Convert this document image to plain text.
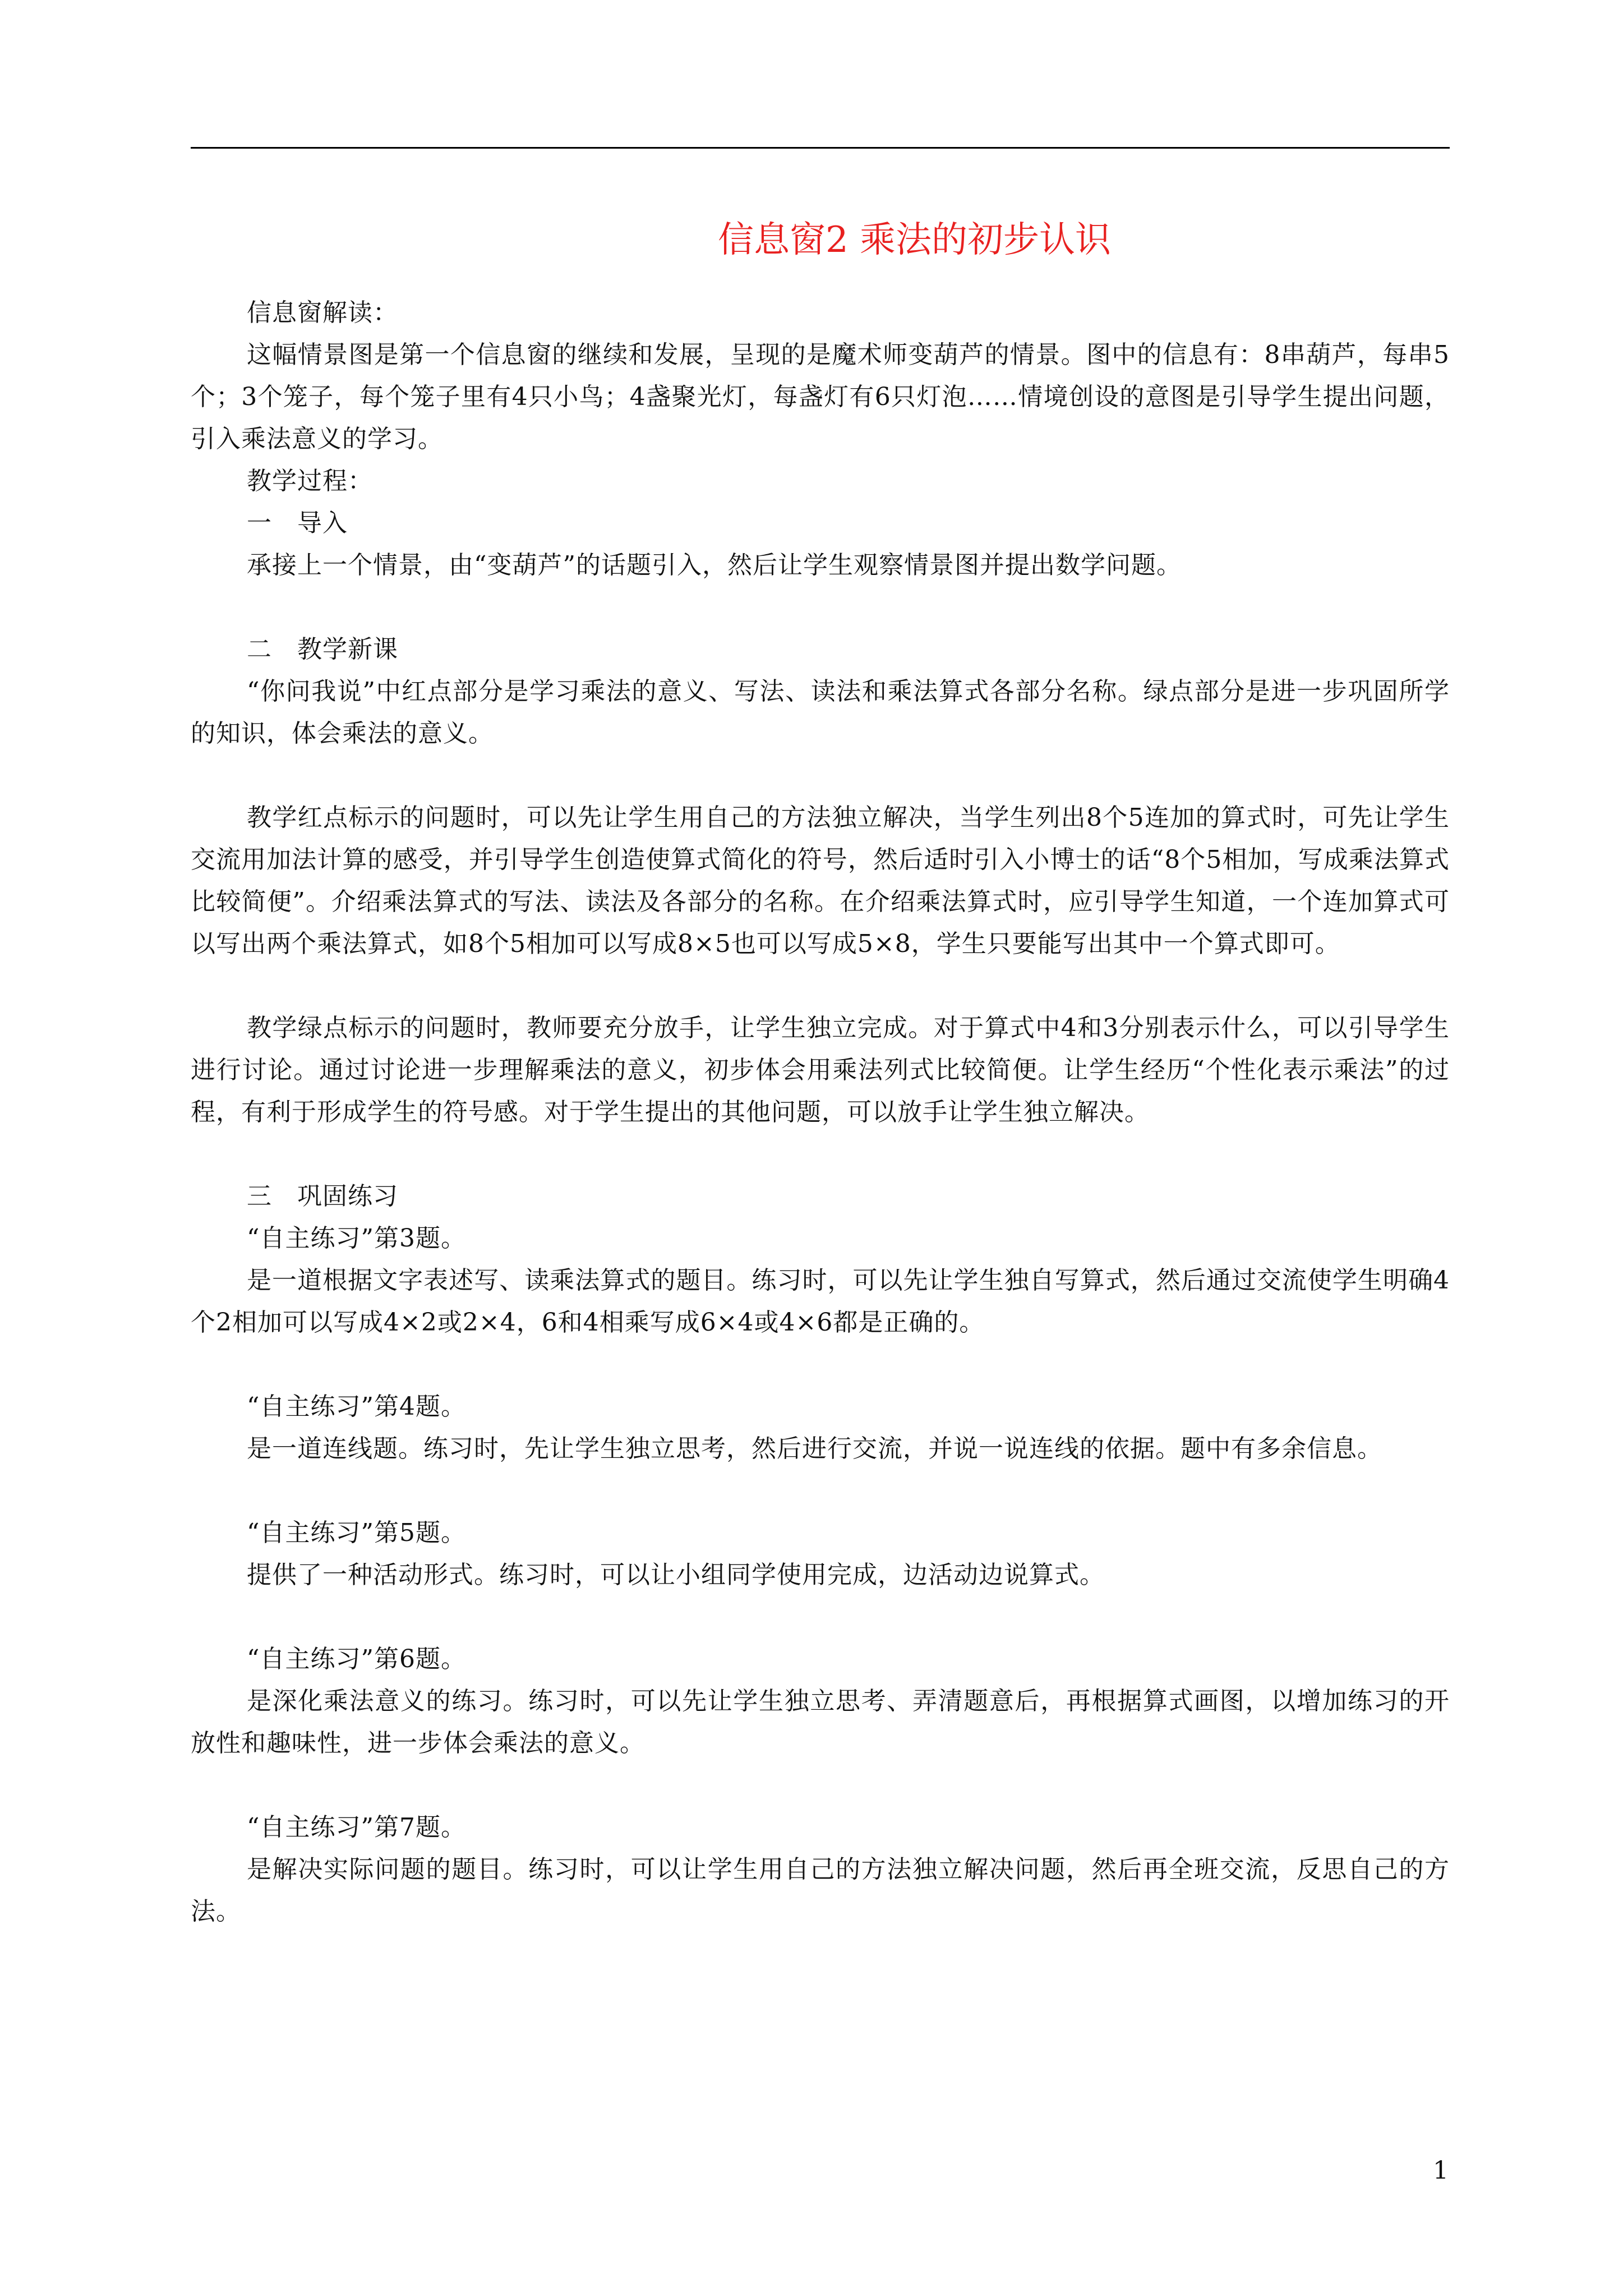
信息窗2 乘法的初步认识

信息窗解读：

这幅情景图是第一个信息窗的继续和发展，呈现的是魔术师变葫芦的情景。图中的信息有：8串葫芦，每串5个；3个笼子，每个笼子里有4只小鸟；4盏聚光灯，每盏灯有6只灯泡……情境创设的意图是引导学生提出问题，引入乘法意义的学习。

教学过程：

一　导入

承接上一个情景，由“变葫芦”的话题引入，然后让学生观察情景图并提出数学问题。

二　教学新课

“你问我说”中红点部分是学习乘法的意义、写法、读法和乘法算式各部分名称。绿点部分是进一步巩固所学的知识，体会乘法的意义。

教学红点标示的问题时，可以先让学生用自己的方法独立解决，当学生列出8个5连加的算式时，可先让学生交流用加法计算的感受，并引导学生创造使算式简化的符号，然后适时引入小博士的话“8个5相加，写成乘法算式比较简便”。介绍乘法算式的写法、读法及各部分的名称。在介绍乘法算式时，应引导学生知道，一个连加算式可以写出两个乘法算式，如8个5相加可以写成8×5也可以写成5×8，学生只要能写出其中一个算式即可。

教学绿点标示的问题时，教师要充分放手，让学生独立完成。对于算式中4和3分别表示什么，可以引导学生进行讨论。通过讨论进一步理解乘法的意义，初步体会用乘法列式比较简便。让学生经历“个性化表示乘法”的过程，有利于形成学生的符号感。对于学生提出的其他问题，可以放手让学生独立解决。

三　巩固练习

“自主练习”第3题。

是一道根据文字表述写、读乘法算式的题目。练习时，可以先让学生独自写算式，然后通过交流使学生明确4个2相加可以写成4×2或2×4，6和4相乘写成6×4或4×6都是正确的。

“自主练习”第4题。

是一道连线题。练习时，先让学生独立思考，然后进行交流，并说一说连线的依据。题中有多余信息。

“自主练习”第5题。

提供了一种活动形式。练习时，可以让小组同学使用完成，边活动边说算式。

“自主练习”第6题。

是深化乘法意义的练习。练习时，可以先让学生独立思考、弄清题意后，再根据算式画图，以增加练习的开放性和趣味性，进一步体会乘法的意义。

“自主练习”第7题。

是解决实际问题的题目。练习时，可以让学生用自己的方法独立解决问题，然后再全班交流，反思自己的方法。

1
